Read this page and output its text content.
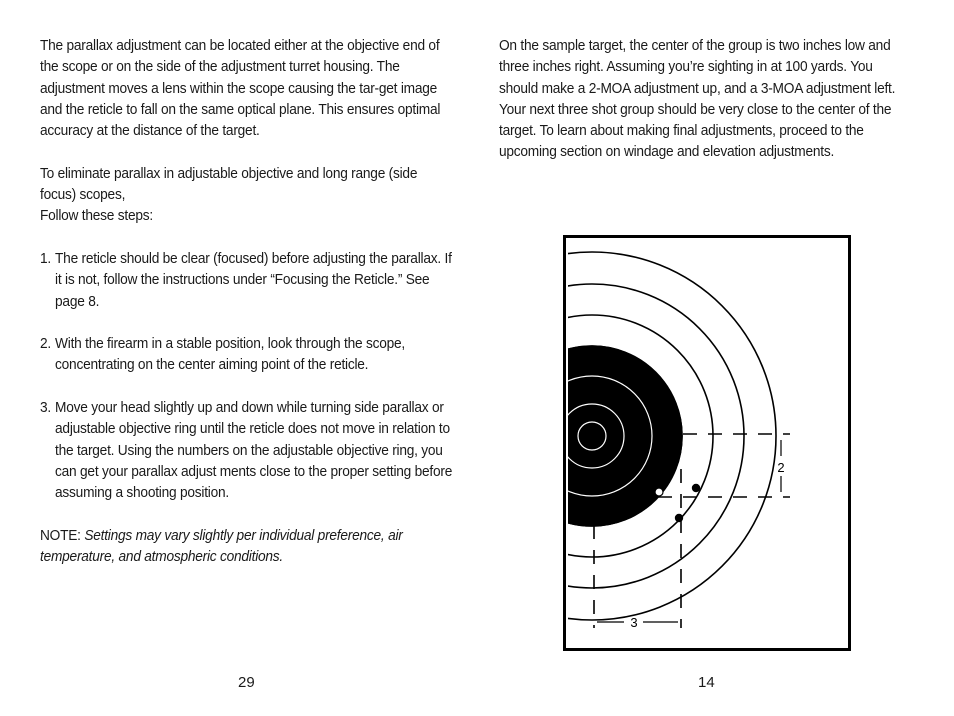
The parallax adjustment can be located either at the objective end of the scope or on the side of the adjustment turret housing. The adjustment moves a lens within the scope causing the tar-get image and the reticle to fall on the same optical plane. This ensures optimal accuracy at the distance of the target.

To eliminate parallax in adjustable objective and long range (side focus) scopes,

Follow these steps:

1. The reticle should be clear (focused) before adjusting the parallax. If it is not, follow the instructions under “Focusing the Reticle.” See page 8.
2. With the firearm in a stable position, look through the scope, concentrating on the center aiming point of the reticle.
3. Move your head slightly up and down while turning side parallax or adjustable objective ring until the reticle does not move in relation to the target. Using the numbers on the adjustable objective ring, you can get your parallax adjust ments close to the proper setting before assuming a shooting position.

NOTE: Settings may vary slightly per individual preference, air temperature, and atmospheric conditions.

On the sample target, the center of the group is two inches low and three inches right. Assuming you’re sighting in at 100 yards. You should make a 2-MOA adjustment up, and a 3-MOA adjustment left. Your next three shot group should be very close to the center of the target. To learn about making final adjustments, proceed to the upcoming section on windage and elevation adjustments.

2
3
29	14
